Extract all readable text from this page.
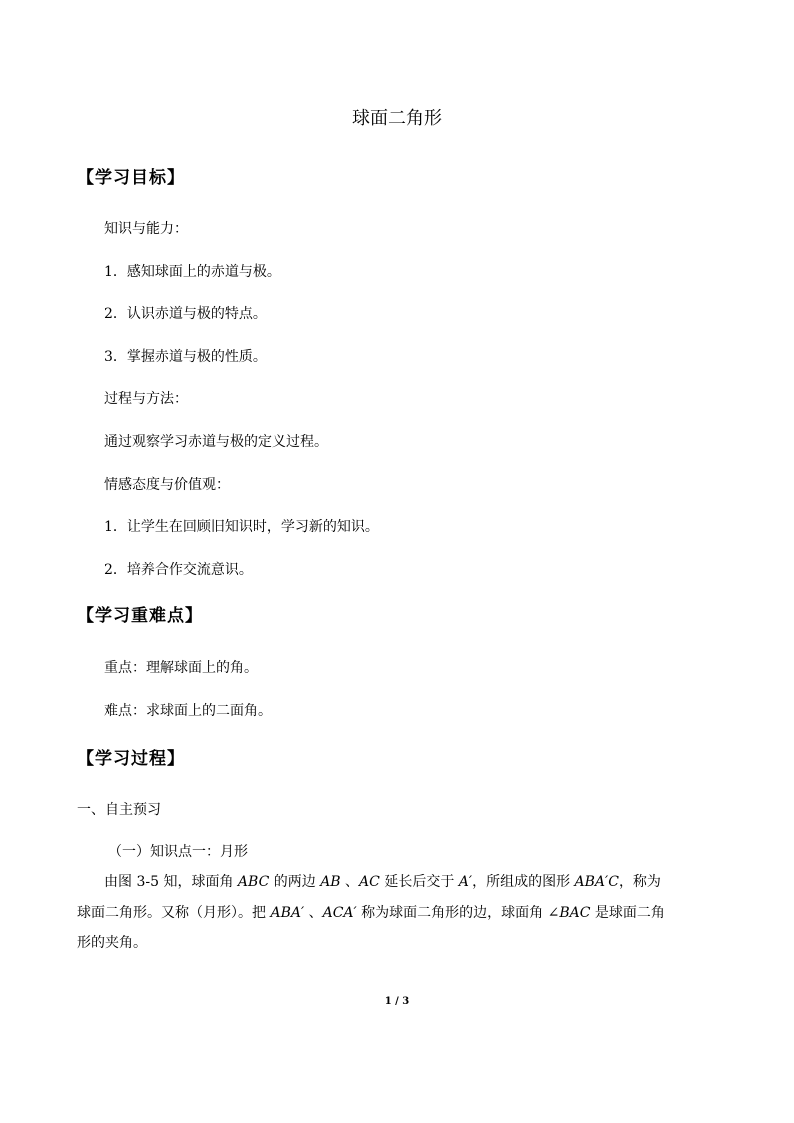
球面二角形
【学习目标】
知识与能力：
1．感知球面上的赤道与极。
2．认识赤道与极的特点。
3．掌握赤道与极的性质。
过程与方法：
通过观察学习赤道与极的定义过程。
情感态度与价值观：
1．让学生在回顾旧知识时，学习新的知识。
2．培养合作交流意识。
【学习重难点】
重点：理解球面上的角。
难点：求球面上的二面角。
【学习过程】
一、自主预习
（一）知识点一：月形
由图 3-5 知，球面角 ABC 的两边 AB 、AC 延长后交于 A′，所组成的图形 ABA′C，称为
球面二角形。又称（月形）。把 ABA′ 、ACA′ 称为球面二角形的边，球面角 ∠BAC 是球面二角
形的夹角。
1 / 3
